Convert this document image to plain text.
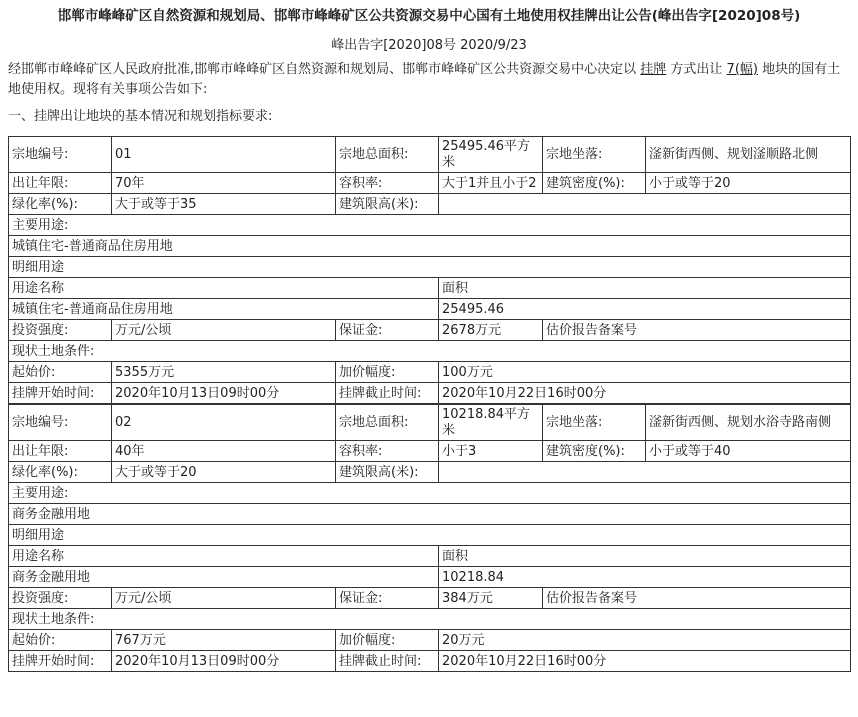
邯郸市峰峰矿区自然资源和规划局、邯郸市峰峰矿区公共资源交易中心国有土地使用权挂牌出让公告(峰出告字[2020]08号)
峰出告字[2020]08号 2020/9/23
经邯郸市峰峰矿区人民政府批准,邯郸市峰峰矿区自然资源和规划局、邯郸市峰峰矿区公共资源交易中心决定以 挂牌 方式出让 7(幅) 地块的国有土地使用权。现将有关事项公告如下:
一、挂牌出让地块的基本情况和规划指标要求:
宗地编号:	01	宗地总面积:	25495.46平方米	宗地坐落:	滏新街西侧、规划滏顺路北侧
出让年限:	70年	容积率:	大于1并且小于2	建筑密度(%):	小于或等于20
绿化率(%):	大于或等于35	建筑限高(米):			
主要用途:					
城镇住宅-普通商品住房用地					
明细用途					
用途名称			面积		
城镇住宅-普通商品住房用地			25495.46		
投资强度:	万元/公顷	保证金:	2678万元	估价报告备案号	
现状土地条件:					
起始价:	5355万元	加价幅度:	100万元		
挂牌开始时间:	2020年10月13日09时00分	挂牌截止时间:	2020年10月22日16时00分		
宗地编号:	02	宗地总面积:	10218.84平方米	宗地坐落:	滏新街西侧、规划水浴寺路南侧
出让年限:	40年	容积率:	小于3	建筑密度(%):	小于或等于40
绿化率(%):	大于或等于20	建筑限高(米):			
主要用途:					
商务金融用地					
明细用途					
用途名称			面积		
商务金融用地			10218.84		
投资强度:	万元/公顷	保证金:	384万元	估价报告备案号	
现状土地条件:					
起始价:	767万元	加价幅度:	20万元		
挂牌开始时间:	2020年10月13日09时00分	挂牌截止时间:	2020年10月22日16时00分		
